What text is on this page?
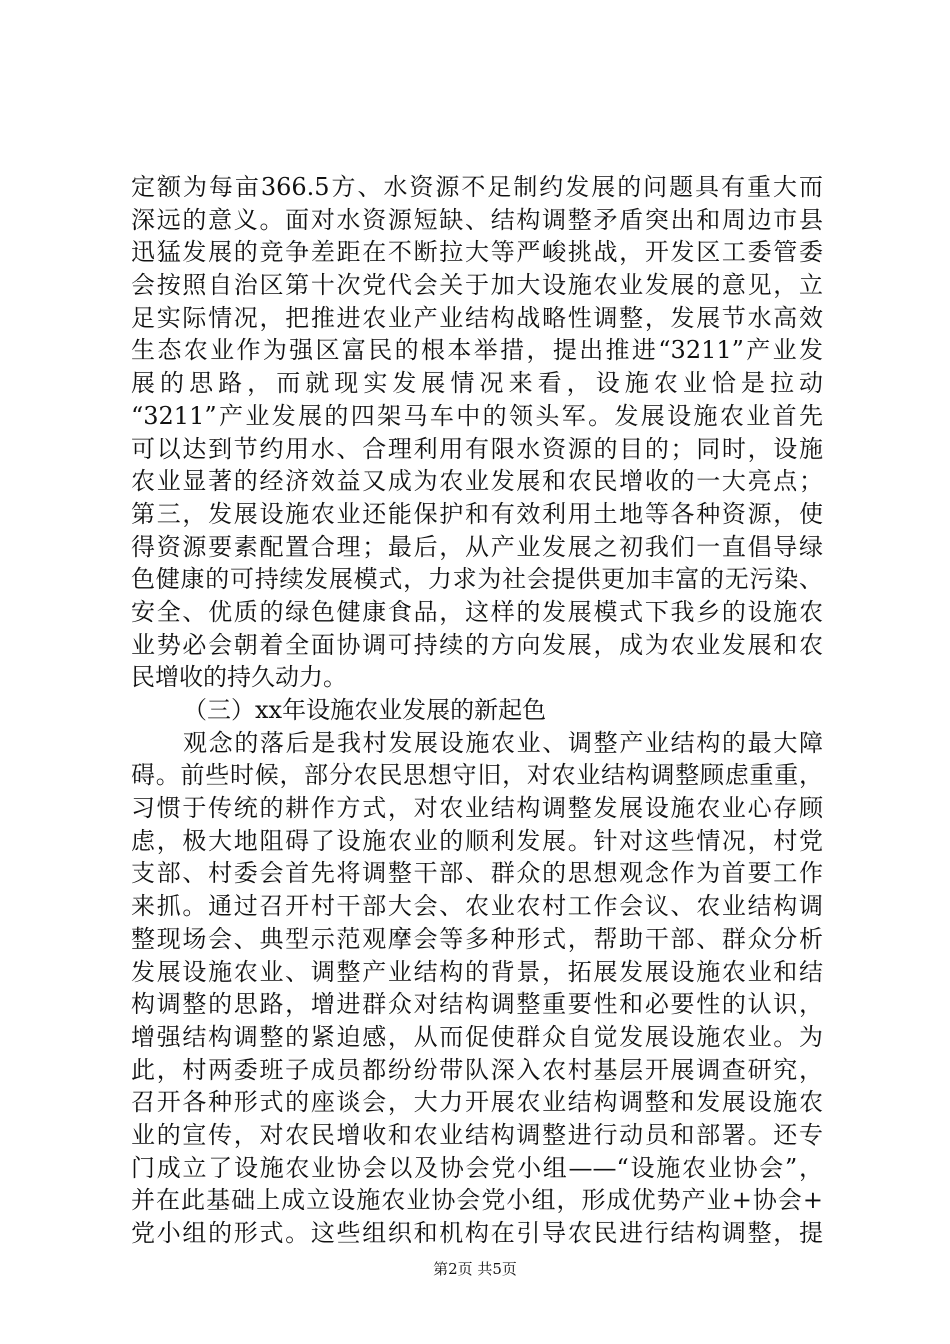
定额为每亩366.5方、水资源不足制约发展的问题具有重大而
深远的意义。面对水资源短缺、结构调整矛盾突出和周边市县
迅猛发展的竞争差距在不断拉大等严峻挑战，开发区工委管委
会按照自治区第十次党代会关于加大设施农业发展的意见，立
足实际情况，把推进农业产业结构战略性调整，发展节水高效
生态农业作为强区富民的根本举措，提出推进“3211”产业发
展的思路，而就现实发展情况来看，设施农业恰是拉动
“3211”产业发展的四架马车中的领头军。发展设施农业首先
可以达到节约用水、合理利用有限水资源的目的；同时，设施
农业显著的经济效益又成为农业发展和农民增收的一大亮点；
第三，发展设施农业还能保护和有效利用土地等各种资源，使
得资源要素配置合理；最后，从产业发展之初我们一直倡导绿
色健康的可持续发展模式，力求为社会提供更加丰富的无污染、
安全、优质的绿色健康食品，这样的发展模式下我乡的设施农
业势必会朝着全面协调可持续的方向发展，成为农业发展和农
民增收的持久动力。
（三）xx年设施农业发展的新起色
观念的落后是我村发展设施农业、调整产业结构的最大障
碍。前些时候，部分农民思想守旧，对农业结构调整顾虑重重，
习惯于传统的耕作方式，对农业结构调整发展设施农业心存顾
虑，极大地阻碍了设施农业的顺利发展。针对这些情况，村党
支部、村委会首先将调整干部、群众的思想观念作为首要工作
来抓。通过召开村干部大会、农业农村工作会议、农业结构调
整现场会、典型示范观摩会等多种形式，帮助干部、群众分析
发展设施农业、调整产业结构的背景，拓展发展设施农业和结
构调整的思路，增进群众对结构调整重要性和必要性的认识，
增强结构调整的紧迫感，从而促使群众自觉发展设施农业。为
此，村两委班子成员都纷纷带队深入农村基层开展调查研究，
召开各种形式的座谈会，大力开展农业结构调整和发展设施农
业的宣传，对农民增收和农业结构调整进行动员和部署。还专
门成立了设施农业协会以及协会党小组——“设施农业协会”，
并在此基础上成立设施农业协会党小组，形成优势产业+协会+
党小组的形式。这些组织和机构在引导农民进行结构调整，提
第2页 共5页
